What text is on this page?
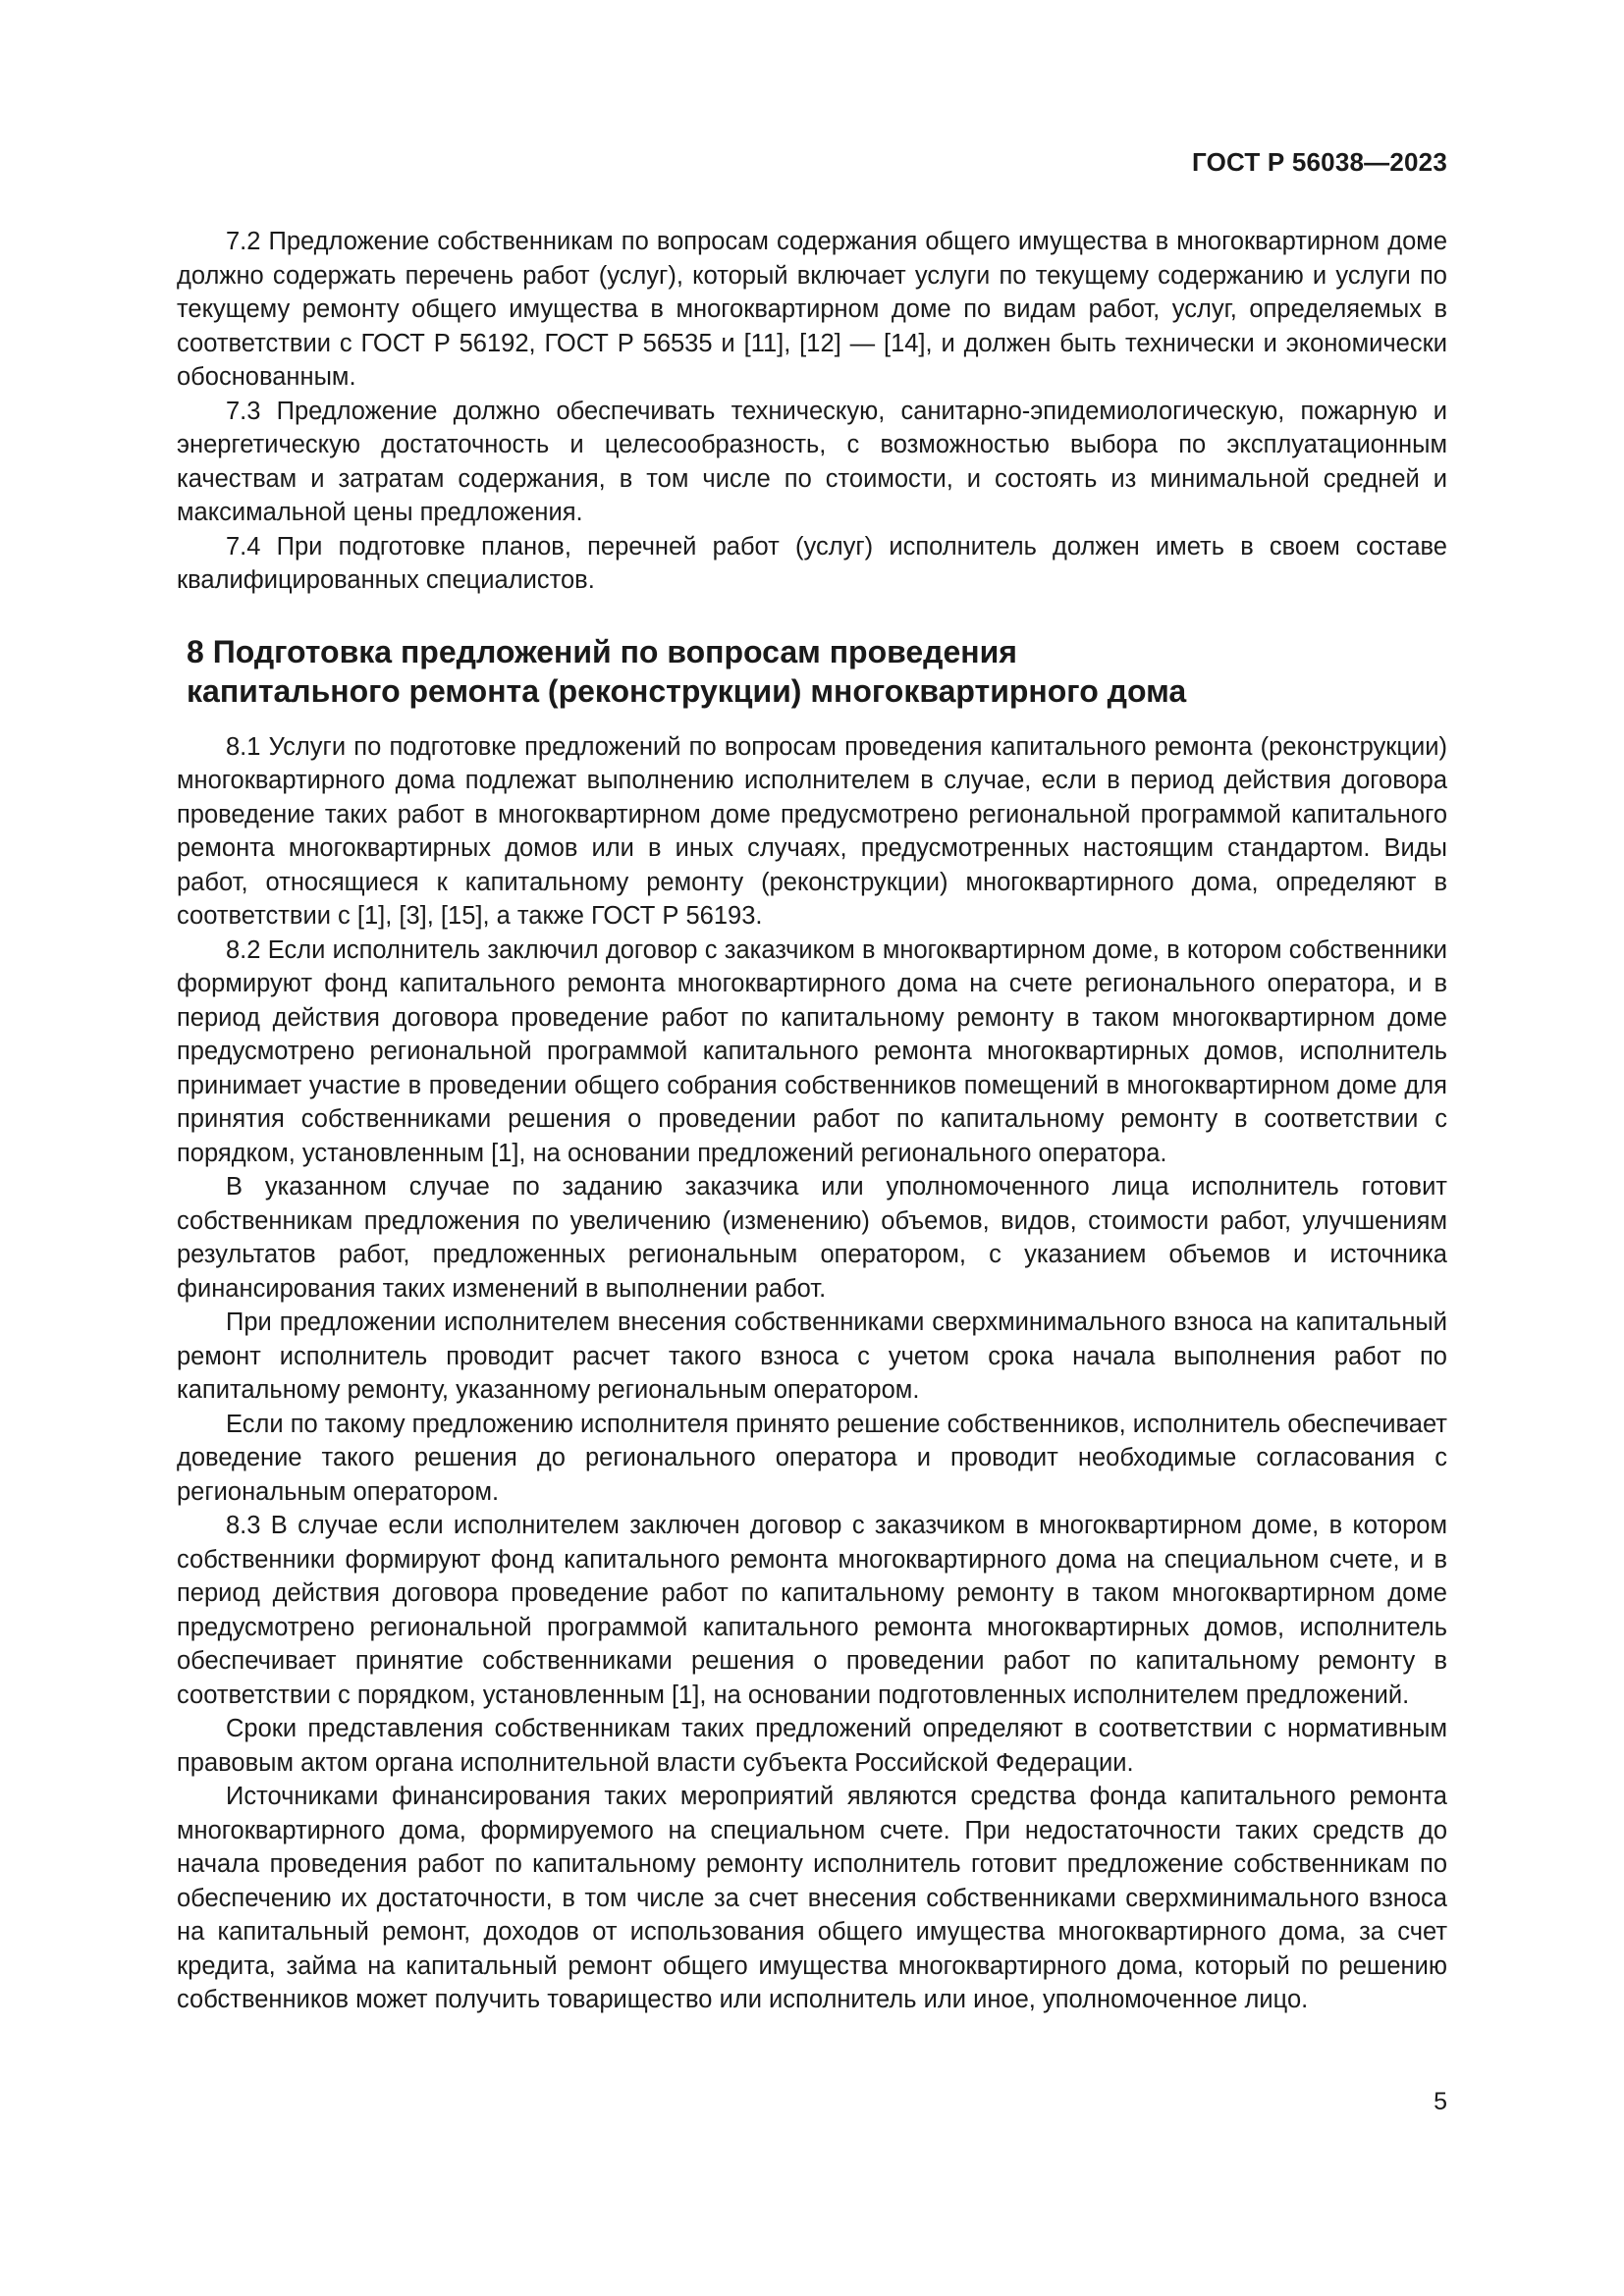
ГОСТ Р 56038—2023

7.2 Предложение собственникам по вопросам содержания общего имущества в многоквартирном доме должно содержать перечень работ (услуг), который включает услуги по текущему содержанию и услуги по текущему ремонту общего имущества в многоквартирном доме по видам работ, услуг, определяемых в соответствии с ГОСТ Р 56192, ГОСТ Р 56535 и [11], [12] — [14], и должен быть технически и экономически обоснованным.

7.3 Предложение должно обеспечивать техническую, санитарно-эпидемиологическую, пожарную и энергетическую достаточность и целесообразность, с возможностью выбора по эксплуатационным качествам и затратам содержания, в том числе по стоимости, и состоять из минимальной средней и максимальной цены предложения.

7.4 При подготовке планов, перечней работ (услуг) исполнитель должен иметь в своем составе квалифицированных специалистов.

8 Подготовка предложений по вопросам проведения
капитального ремонта (реконструкции) многоквартирного дома

8.1 Услуги по подготовке предложений по вопросам проведения капитального ремонта (реконструкции) многоквартирного дома подлежат выполнению исполнителем в случае, если в период действия договора проведение таких работ в многоквартирном доме предусмотрено региональной программой капитального ремонта многоквартирных домов или в иных случаях, предусмотренных настоящим стандартом. Виды работ, относящиеся к капитальному ремонту (реконструкции) многоквартирного дома, определяют в соответствии с [1], [3], [15], а также ГОСТ Р 56193.

8.2 Если исполнитель заключил договор с заказчиком в многоквартирном доме, в котором собственники формируют фонд капитального ремонта многоквартирного дома на счете регионального оператора, и в период действия договора проведение работ по капитальному ремонту в таком многоквартирном доме предусмотрено региональной программой капитального ремонта многоквартирных домов, исполнитель принимает участие в проведении общего собрания собственников помещений в многоквартирном доме для принятия собственниками решения о проведении работ по капитальному ремонту в соответствии с порядком, установленным [1], на основании предложений регионального оператора.

В указанном случае по заданию заказчика или уполномоченного лица исполнитель готовит собственникам предложения по увеличению (изменению) объемов, видов, стоимости работ, улучшениям результатов работ, предложенных региональным оператором, с указанием объемов и источника финансирования таких изменений в выполнении работ.

При предложении исполнителем внесения собственниками сверхминимального взноса на капитальный ремонт исполнитель проводит расчет такого взноса с учетом срока начала выполнения работ по капитальному ремонту, указанному региональным оператором.

Если по такому предложению исполнителя принято решение собственников, исполнитель обеспечивает доведение такого решения до регионального оператора и проводит необходимые согласования с региональным оператором.

8.3 В случае если исполнителем заключен договор с заказчиком в многоквартирном доме, в котором собственники формируют фонд капитального ремонта многоквартирного дома на специальном счете, и в период действия договора проведение работ по капитальному ремонту в таком многоквартирном доме предусмотрено региональной программой капитального ремонта многоквартирных домов, исполнитель обеспечивает принятие собственниками решения о проведении работ по капитальному ремонту в соответствии с порядком, установленным [1], на основании подготовленных исполнителем предложений.

Сроки представления собственникам таких предложений определяют в соответствии с нормативным правовым актом органа исполнительной власти субъекта Российской Федерации.

Источниками финансирования таких мероприятий являются средства фонда капитального ремонта многоквартирного дома, формируемого на специальном счете. При недостаточности таких средств до начала проведения работ по капитальному ремонту исполнитель готовит предложение собственникам по обеспечению их достаточности, в том числе за счет внесения собственниками сверхминимального взноса на капитальный ремонт, доходов от использования общего имущества многоквартирного дома, за счет кредита, займа на капитальный ремонт общего имущества многоквартирного дома, который по решению собственников может получить товарищество или исполнитель или иное, уполномоченное лицо.

5
